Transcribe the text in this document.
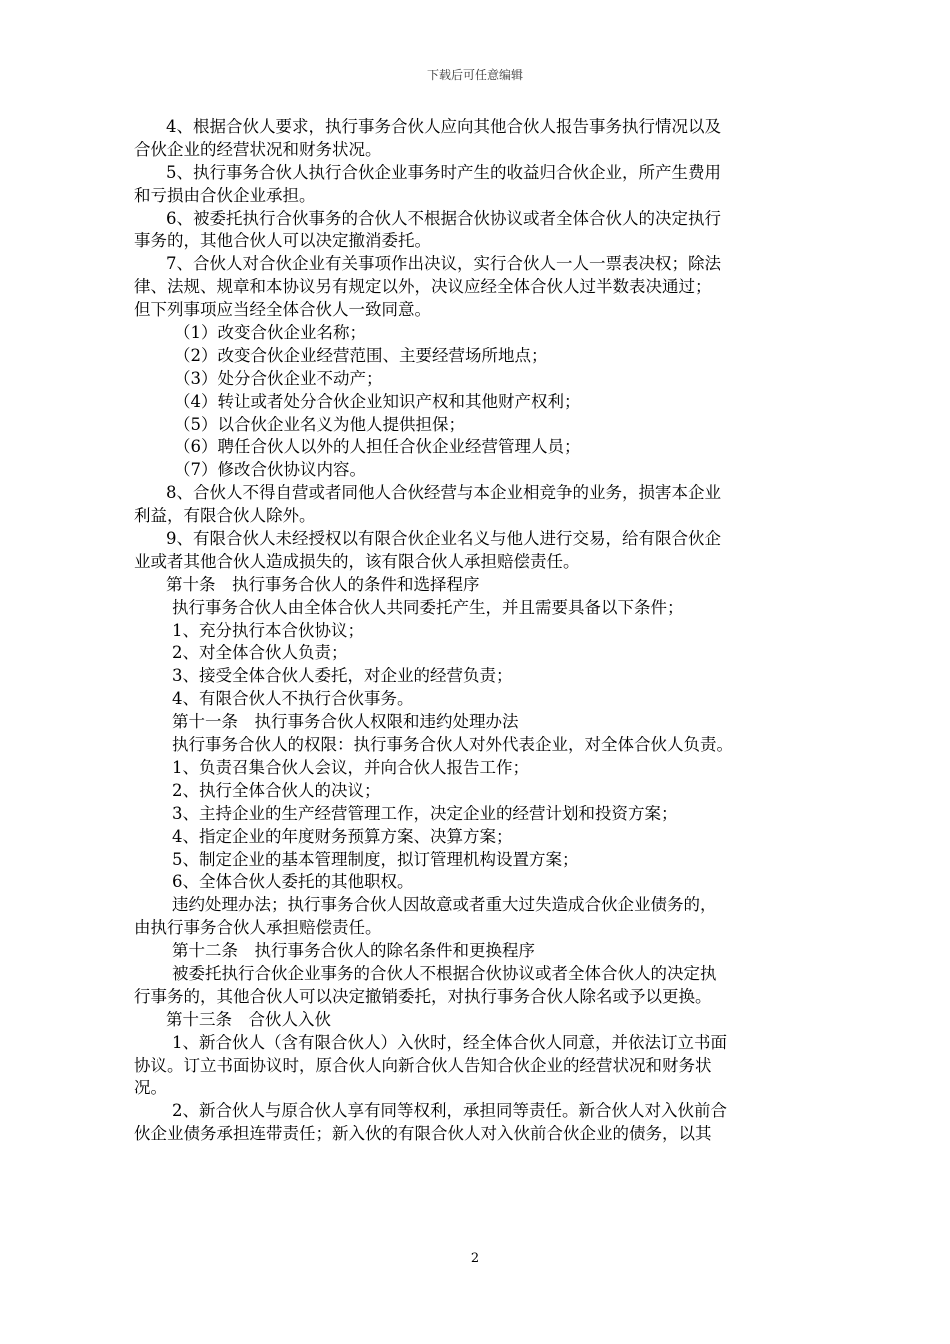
下载后可任意编辑
4、根据合伙人要求，执行事务合伙人应向其他合伙人报告事务执行情况以及
合伙企业的经营状况和财务状况。
5、执行事务合伙人执行合伙企业事务时产生的收益归合伙企业，所产生费用
和亏损由合伙企业承担。
6、被委托执行合伙事务的合伙人不根据合伙协议或者全体合伙人的决定执行
事务的，其他合伙人可以决定撤消委托。
7、合伙人对合伙企业有关事项作出决议，实行合伙人一人一票表决权；除法
律、法规、规章和本协议另有规定以外，决议应经全体合伙人过半数表决通过；
但下列事项应当经全体合伙人一致同意。
（1）改变合伙企业名称；
（2）改变合伙企业经营范围、主要经营场所地点；
（3）处分合伙企业不动产；
（4）转让或者处分合伙企业知识产权和其他财产权利；
（5）以合伙企业名义为他人提供担保；
（6）聘任合伙人以外的人担任合伙企业经营管理人员；
（7）修改合伙协议内容。
8、合伙人不得自营或者同他人合伙经营与本企业相竞争的业务，损害本企业
利益，有限合伙人除外。
9、有限合伙人未经授权以有限合伙企业名义与他人进行交易，给有限合伙企
业或者其他合伙人造成损失的，该有限合伙人承担赔偿责任。
第十条　执行事务合伙人的条件和选择程序
执行事务合伙人由全体合伙人共同委托产生，并且需要具备以下条件；
1、充分执行本合伙协议；
2、对全体合伙人负责；
3、接受全体合伙人委托，对企业的经营负责；
4、有限合伙人不执行合伙事务。
第十一条　执行事务合伙人权限和违约处理办法
执行事务合伙人的权限：执行事务合伙人对外代表企业，对全体合伙人负责。
1、负责召集合伙人会议，并向合伙人报告工作；
2、执行全体合伙人的决议；
3、主持企业的生产经营管理工作，决定企业的经营计划和投资方案；
4、指定企业的年度财务预算方案、决算方案；
5、制定企业的基本管理制度，拟订管理机构设置方案；
6、全体合伙人委托的其他职权。
违约处理办法；执行事务合伙人因故意或者重大过失造成合伙企业债务的，
由执行事务合伙人承担赔偿责任。
第十二条　执行事务合伙人的除名条件和更换程序
被委托执行合伙企业事务的合伙人不根据合伙协议或者全体合伙人的决定执
行事务的，其他合伙人可以决定撤销委托，对执行事务合伙人除名或予以更换。
第十三条　合伙人入伙
1、新合伙人（含有限合伙人）入伙时，经全体合伙人同意，并依法订立书面
协议。订立书面协议时，原合伙人向新合伙人告知合伙企业的经营状况和财务状
况。
2、新合伙人与原合伙人享有同等权利，承担同等责任。新合伙人对入伙前合
伙企业债务承担连带责任；新入伙的有限合伙人对入伙前合伙企业的债务，以其
2
